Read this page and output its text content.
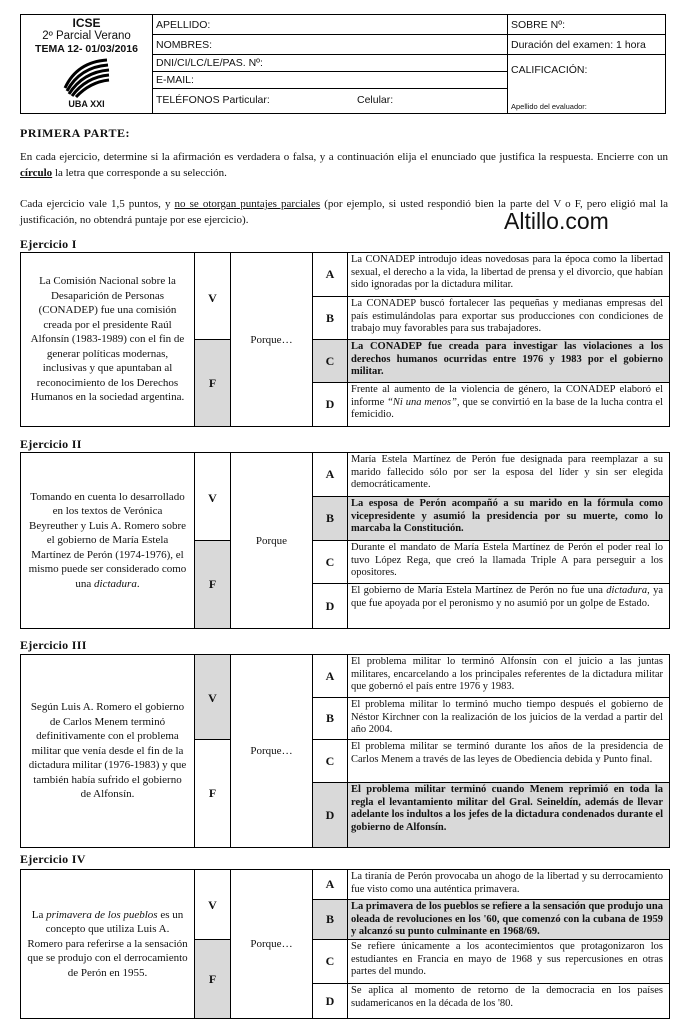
ICSE
2º Parcial Verano
TEMA 12- 01/03/2016
UBA XXI
APELLIDO:
NOMBRES:
DNI/CI/LC/LE/PAS. Nº:
E-MAIL:
TELÉFONOS Particular:	Celular:
SOBRE Nº:
Duración del examen: 1 hora
CALIFICACIÓN:
Apellido del evaluador:
PRIMERA PARTE:
En cada ejercicio, determine si la afirmación es verdadera o falsa, y a continuación elija el enunciado que justifica la respuesta. Encierre con un círculo la letra que corresponde a su selección.
Cada ejercicio vale 1,5 puntos, y no se otorgan puntajes parciales (por ejemplo, si usted respondió bien la parte del V o F, pero eligió mal la justificación, no obtendrá puntaje por ese ejercicio).	Altillo.com
Ejercicio I
La Comisión Nacional sobre la Desaparición de Personas (CONADEP) fue una comisión creada por el presidente Raúl Alfonsín (1983-1989) con el fin de generar políticas modernas, inclusivas y que apuntaban al reconocimiento de los Derechos Humanos en la sociedad argentina.
V
F
Porque…
A
La CONADEP introdujo ideas novedosas para la época como la libertad sexual, el derecho a la vida, la libertad de prensa y el divorcio, que habían sido ignoradas por la dictadura militar.
B
La CONADEP buscó fortalecer las pequeñas y medianas empresas del país estimulándolas para exportar sus producciones con condiciones de trabajo muy favorables para sus trabajadores.
C
La CONADEP fue creada para investigar las violaciones a los derechos humanos ocurridas entre 1976 y 1983 por el gobierno militar.
D
Frente al aumento de la violencia de género, la CONADEP elaboró el informe “Ni una menos”, que se convirtió en la base de la lucha contra el femicidio.
Ejercicio II
Tomando en cuenta lo desarrollado en los textos de Verónica Beyreuther y Luis A. Romero sobre el gobierno de María Estela Martínez de Perón (1974-1976), el mismo puede ser considerado como una dictadura.
V
F
Porque
A
María Estela Martínez de Perón fue designada para reemplazar a su marido fallecido sólo por ser la esposa del líder y sin ser elegida democráticamente.
B
La esposa de Perón acompañó a su marido en la fórmula como vicepresidente y asumió la presidencia por su muerte, como lo marcaba la Constitución.
C
Durante el mandato de María Estela Martínez de Perón el poder real lo tuvo López Rega, que creó la llamada Triple A para perseguir a los opositores.
D
El gobierno de María Estela Martínez de Perón no fue una dictadura, ya que fue apoyada por el peronismo y no asumió por un golpe de Estado.
Ejercicio III
Según Luis A. Romero el gobierno de Carlos Menem terminó definitivamente con el problema militar que venía desde el fin de la dictadura militar (1976-1983) y que también había sufrido el gobierno de Alfonsín.
V
F
Porque…
A
El problema militar lo terminó Alfonsín con el juicio a las juntas militares, encarcelando a los principales referentes de la dictadura militar que gobernó el país entre 1976 y 1983.
B
El problema militar lo terminó mucho tiempo después el gobierno de Néstor Kirchner con la realización de los juicios de la verdad a partir del año 2004.
C
El problema militar se terminó durante los años de la presidencia de Carlos Menem a través de las leyes de Obediencia debida y Punto final.
D
El problema militar terminó cuando Menem reprimió en toda la regla el levantamiento militar del Gral. Seineldín, además de llevar adelante los indultos a los jefes de la dictadura condenados durante el gobierno de Alfonsín.
Ejercicio IV
La primavera de los pueblos es un concepto que utiliza Luis A. Romero para referirse a la sensación que se produjo con el derrocamiento de Perón en 1955.
V
F
Porque…
A
La tiranía de Perón provocaba un ahogo de la libertad y su derrocamiento fue visto como una auténtica primavera.
B
La primavera de los pueblos se refiere a la sensación que produjo una oleada de revoluciones en los '60, que comenzó con la cubana de 1959 y alcanzó su punto culminante en 1968/69.
C
Se refiere únicamente a los acontecimientos que protagonizaron los estudiantes en Francia en mayo de 1968 y sus repercusiones en otras partes del mundo.
D
Se aplica al momento de retorno de la democracia en los países sudamericanos en la década de los '80.
